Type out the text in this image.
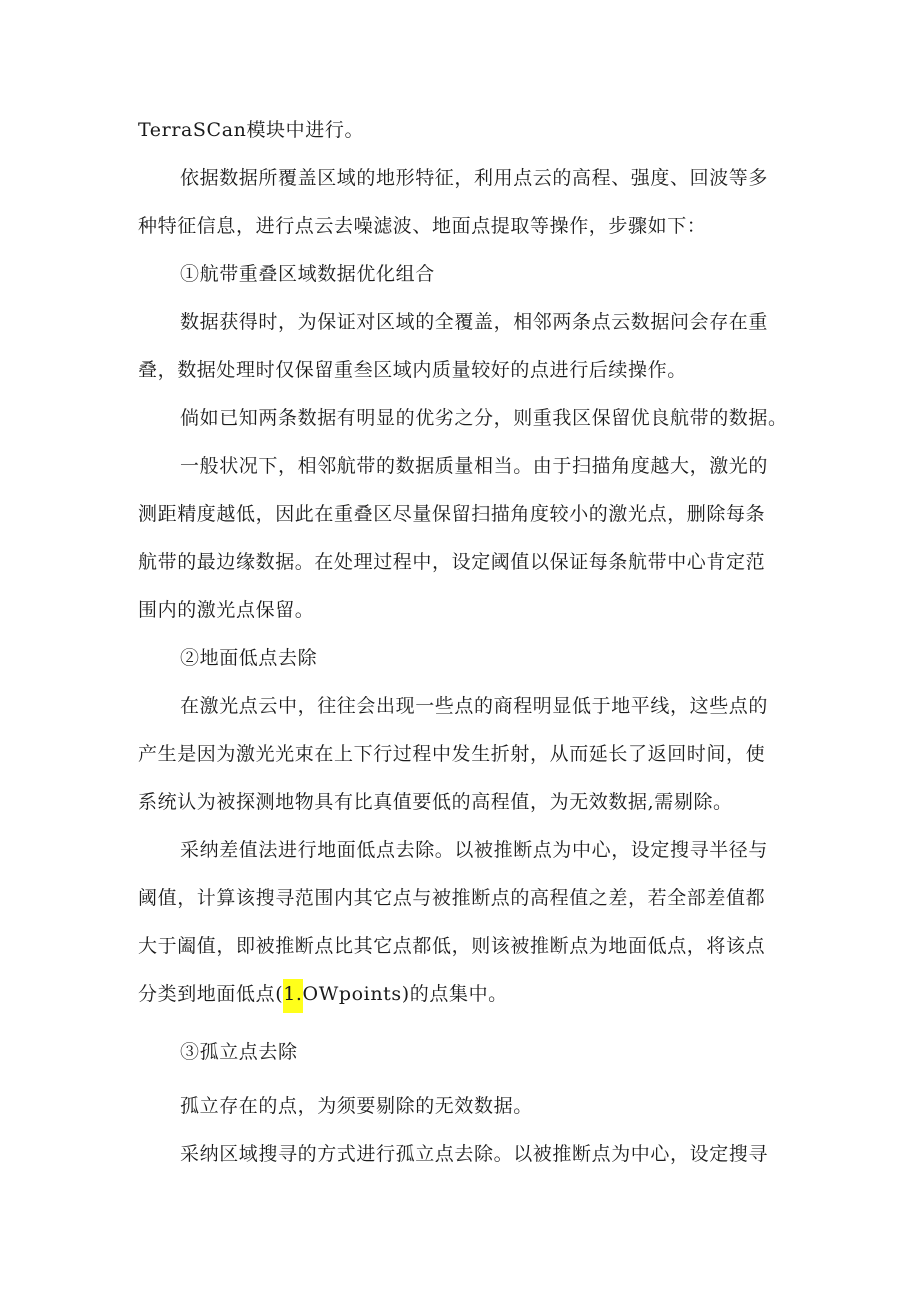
TerraSCan模块中进行。
依据数据所覆盖区域的地形特征，利用点云的高程、强度、回波等多
种特征信息，进行点云去噪滤波、地面点提取等操作，步骤如下：
①航带重叠区域数据优化组合
数据获得时，为保证对区域的全覆盖，相邻两条点云数据问会存在重
叠，数据处理时仅保留重叁区域内质量较好的点进行后续操作。
倘如已知两条数据有明显的优劣之分，则重我区保留优良航带的数据。
一般状况下，相邻航带的数据质量相当。由于扫描角度越大，激光的
测距精度越低，因此在重叠区尽量保留扫描角度较小的激光点，删除每条
航带的最边缘数据。在处理过程中，设定阈值以保证每条航带中心肯定范
围内的激光点保留。
②地面低点去除
在激光点云中，往往会出现一些点的商程明显低于地平线，这些点的
产生是因为激光光束在上下行过程中发生折射，从而延长了返回时间，使
系统认为被探测地物具有比真值要低的高程值，为无效数据,需剔除。
采纳差值法进行地面低点去除。以被推断点为中心，设定搜寻半径与
阈值，计算该搜寻范围内其它点与被推断点的高程值之差，若全部差值都
大于阖值，即被推断点比其它点都低，则该被推断点为地面低点，将该点
分类到地面低点(1.OWpoints)的点集中。
③孤立点去除
孤立存在的点，为须要剔除的无效数据。
采纳区域搜寻的方式进行孤立点去除。以被推断点为中心，设定搜寻
